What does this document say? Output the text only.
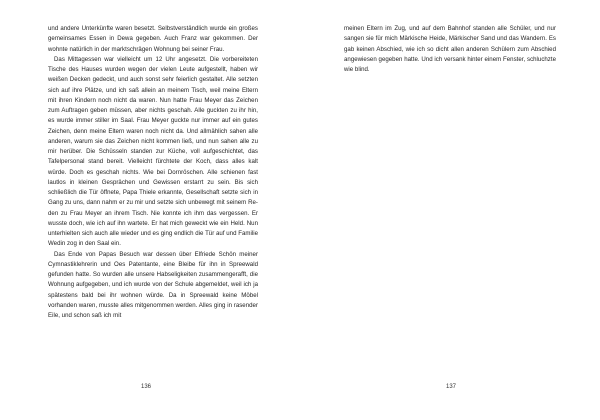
und andere Unterkünfte waren besetzt. Selbstverständlich wurde ein großes gemeinsames Essen in Dewa gegeben. Auch Franz war gekommen. Der wohnte natürlich in der marktschrägen Wohnung bei seiner Frau.

Das Mittagessen war vielleicht um 12 Uhr angesetzt. Die vorbereiteten Tische des Hauses wurden wegen der vielen Leute aufgestellt, haben wir weißen Decken gedeckt, und auch sonst sehr feierlich gestaltet. Alle setzten sich auf ihre Plätze, und ich saß allein an meinem Tisch, weil meine Eltern mit ihren Kindern noch nicht da waren. Nun hatte Frau Meyer das Zeichen zum Auftragen geben müssen, aber nichts geschah. Alle guckten zu ihr hin, es wurde immer stiller im Saal. Frau Meyer guckte nur immer auf ein gutes Zeichen, denn meine Eltern waren noch nicht da. Und allmählich sahen alle anderen, warum sie das Zeichen nicht kommen ließ, und nun sahen alle zu mir herüber. Die Schüsseln standen zur Küche, voll aufgeschichtet, das Tafelpersonal stand bereit. Vielleicht fürchtete der Koch, dass alles kalt würde. Doch es geschah nichts. Wie bei Dornröschen. Alle schienen fast lautlos in kleinen Gesprächen und Gewissen erstarrt zu sein. Bis sich schließlich die Tür öffnete, Papa Thiele erkannte, Gesellschaft setzte sich in Gang zu uns, dann nahm er zu mir und setzte sich unbewegt mit seinem Re- den zu Frau Meyer an ihrem Tisch. Nie konnte ich ihm das vergessen. Er wusste doch, wie ich auf ihn wartete. Er hat mich geweckt wie ein Held. Nun unterhielten sich auch alle wieder und es ging endlich die Tür auf und Familie Wedin zog in den Saal ein.

Das Ende von Papas Besuch war dessen über Elfriede Schön meiner Cymnastiklehrerin und Oes Patentante, eine Bleibe für ihn in Spreewald gefunden hatte. So wurden alle unsere Habseligkeiten zusammengerafft, die Wohnung aufgegeben, und ich wurde von der Schule abgemeldet, weil ich ja spätestens bald bei ihr wohnen würde. Da in Spreewald keine Möbel vorhanden waren, musste alles mitgenommen werden. Alles ging in rasender Eile, und schon saß ich mit

136

meinen Eltern im Zug, und auf dem Bahnhof standen alle Schüler, und nur sangen sie für mich Märkische Heide, Märkischer Sand und das Wandern. Es gab keinen Abschied, wie ich so dicht allen anderen Schülern zum Abschied angewiesen gegeben hatte. Und ich versank hinter einem Fenster, schluchzte wie blind.

137
